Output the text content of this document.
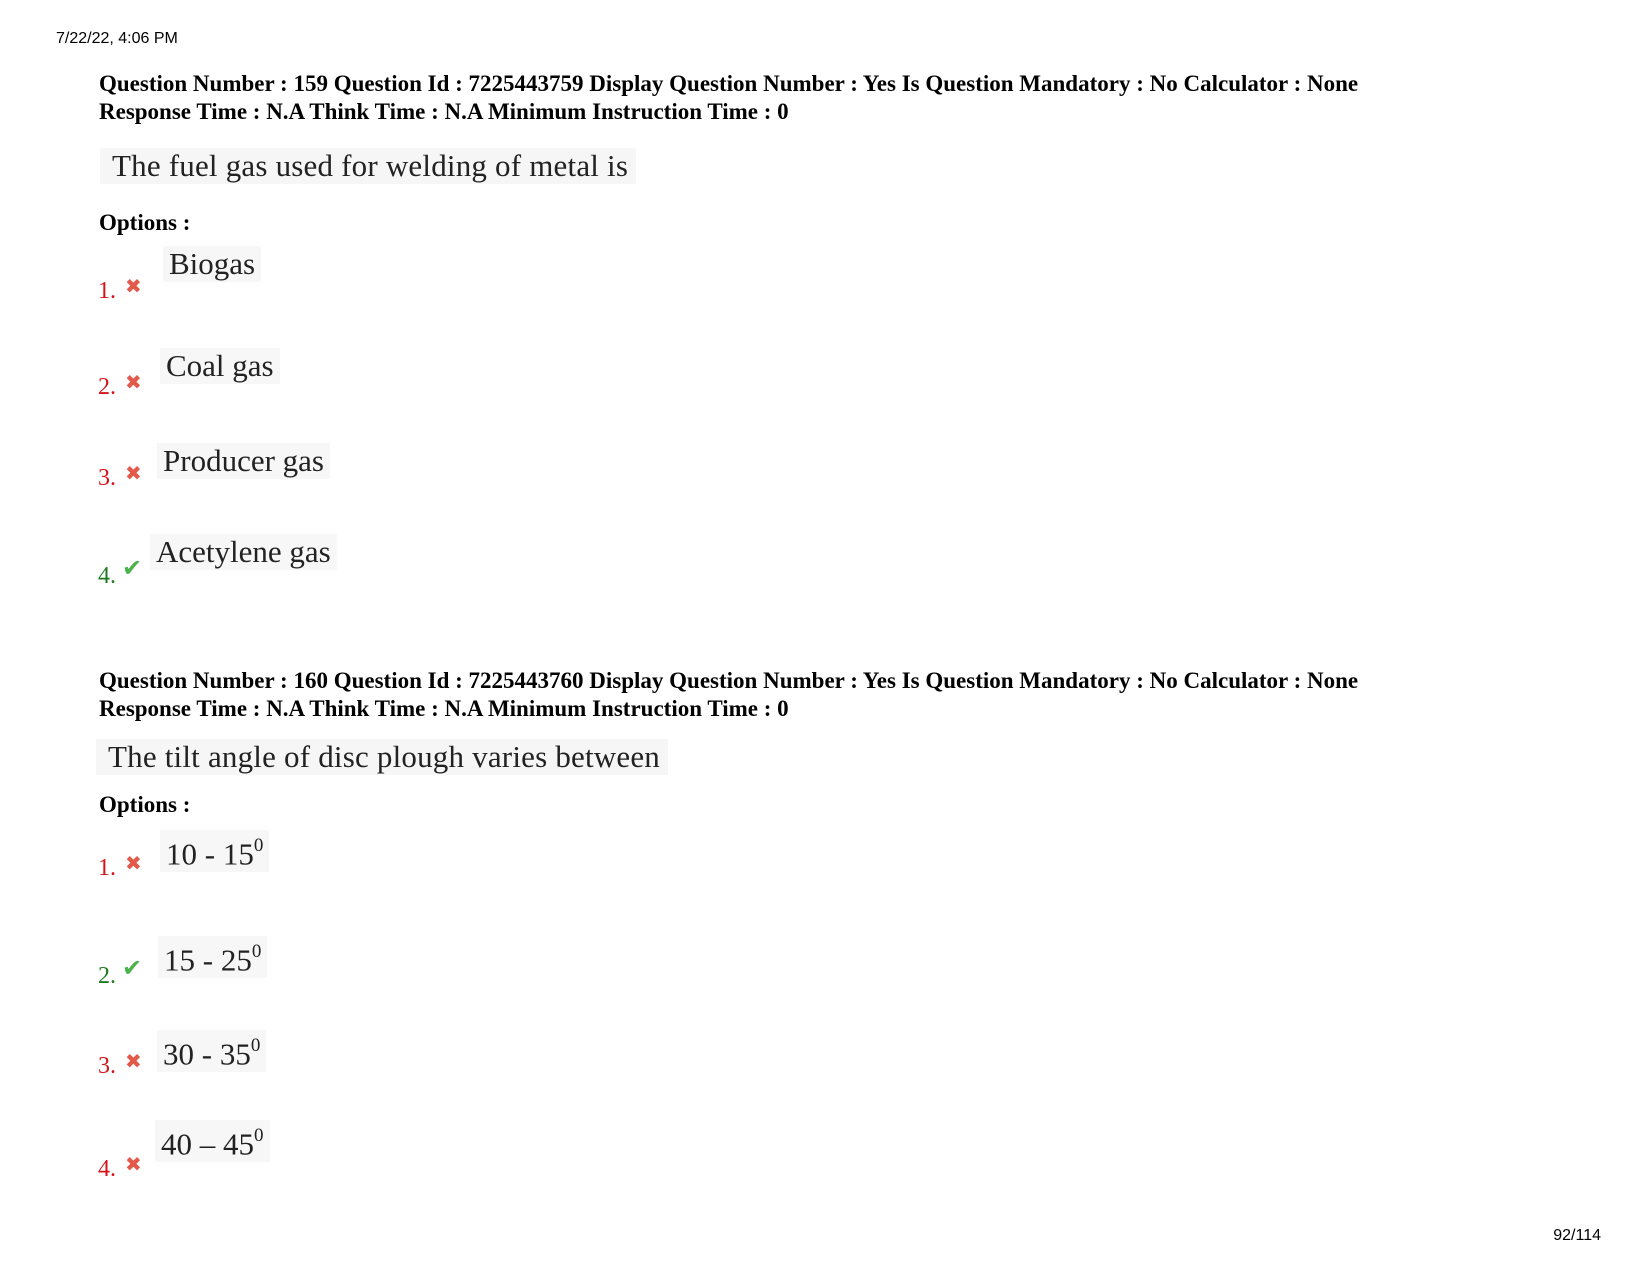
7/22/22, 4:06 PM
Question Number : 159 Question Id : 7225443759 Display Question Number : Yes Is Question Mandatory : No Calculator : None
Response Time : N.A Think Time : N.A Minimum Instruction Time : 0
The fuel gas used for welding of metal is
Options :
1. ✖
Biogas
2. ✖ Coal gas
3. ✖ Producer gas
4. ✔ Acetylene gas
Question Number : 160 Question Id : 7225443760 Display Question Number : Yes Is Question Mandatory : No Calculator : None
Response Time : N.A Think Time : N.A Minimum Instruction Time : 0
The tilt angle of disc plough varies between
Options :
1. ✖ $10 - 15^0$
2. ✔ $15 - 25^0$
3. ✖ $30 - 35^0$
4. ✖
$40 - 45^0$
92/114
